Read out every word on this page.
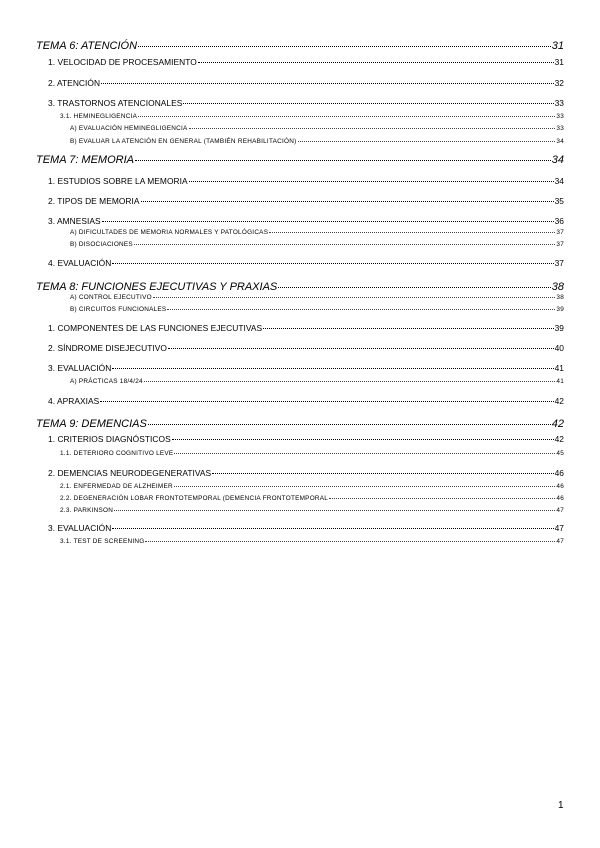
TEMA 6: ATENCIÓN	31
1. VELOCIDAD DE PROCESAMIENTO	31
2. ATENCIÓN	32
3. TRASTORNOS ATENCIONALES	33
3.1. HEMINEGLIGENCIA	33
A) EVALUACIÓN HEMINEGLIGENCIA	33
B) EVALUAR LA ATENCIÓN EN GENERAL (TAMBIÉN REHABILITACIÓN)	34
TEMA 7: MEMORIA	34
1. ESTUDIOS SOBRE LA MEMORIA	34
2. TIPOS DE MEMORIA	35
3. AMNESIAS	36
A) DIFICULTADES DE MEMORIA NORMALES Y PATOLÓGICAS	37
B) DISOCIACIONES	37
4. EVALUACIÓN	37
TEMA 8: FUNCIONES EJECUTIVAS Y PRAXIAS	38
A) CONTROL EJECUTIVO	38
B) CIRCUITOS FUNCIONALES	39
1. COMPONENTES DE LAS FUNCIONES EJECUTIVAS	39
2. SÍNDROME DISEJECUTIVO	40
3. EVALUACIÓN	41
A) PRÁCTICAS 18/4/24	41
4. APRAXIAS	42
TEMA 9: DEMENCIAS	42
1. CRITERIOS DIAGNÓSTICOS	42
1.1. DETERIORO COGNITIVO LEVE	45
2. DEMENCIAS NEURODEGENERATIVAS	46
2.1. ENFERMEDAD DE ALZHEIMER	46
2.2. DEGENERACIÓN LOBAR FRONTOTEMPORAL (DEMENCIA FRONTOTEMPORAL	46
2.3. PARKINSON	47
3. EVALUACIÓN	47
3.1. TEST DE SCREENING	47
1
